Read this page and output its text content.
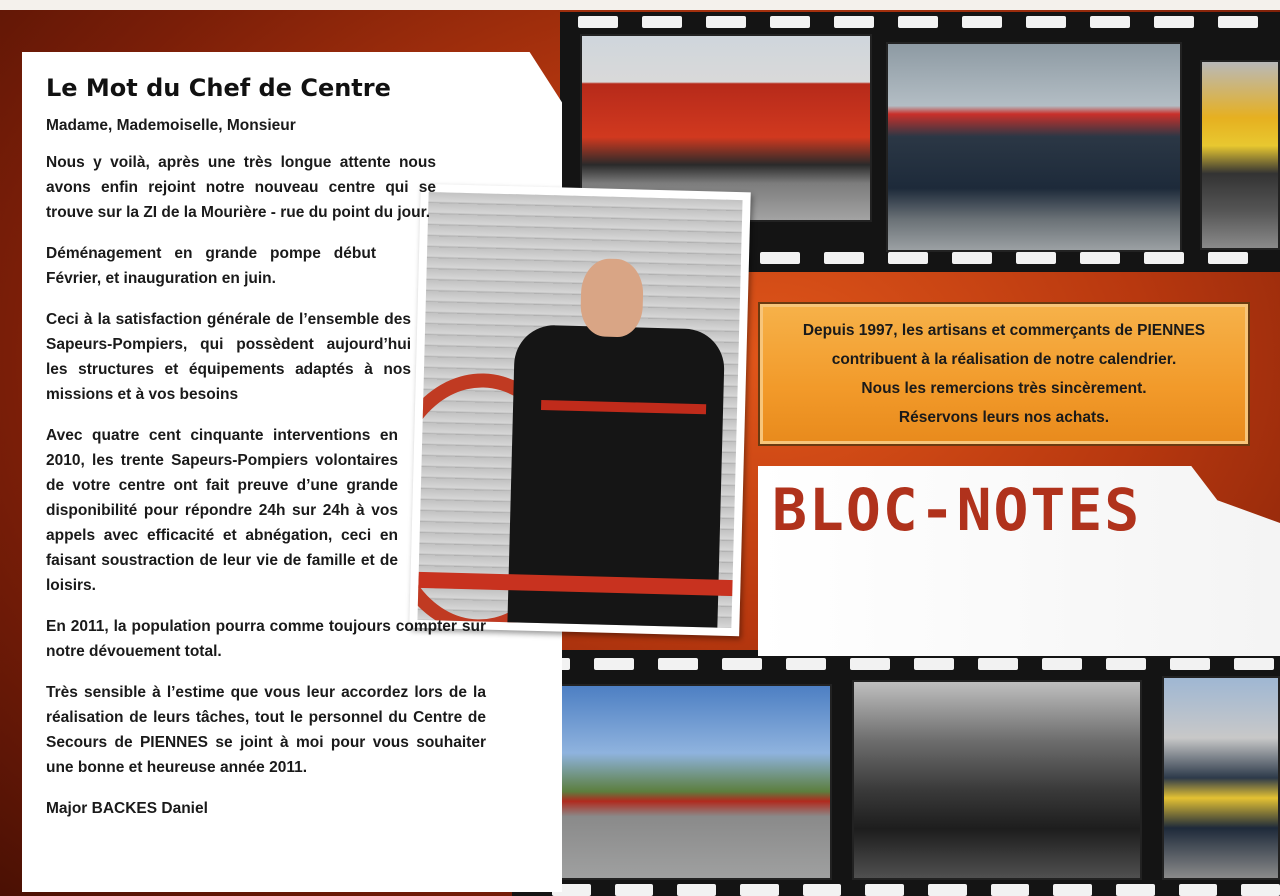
Le Mot du Chef de Centre

Madame, Mademoiselle, Monsieur

Nous y voilà, après une très longue attente nous avons enfin rejoint notre nouveau centre qui se trouve sur la ZI de la Mourière - rue du point du jour.

Déménagement en grande pompe début Février, et inauguration en juin.

Ceci à la satisfaction générale de l’ensemble des Sapeurs-Pompiers, qui possèdent aujourd’hui les structures et équipements adaptés à nos missions et à vos besoins

Avec quatre cent cinquante interventions en 2010, les trente Sapeurs-Pompiers volontaires de votre centre ont fait preuve d’une grande disponibilité pour répondre 24h sur 24h à vos appels avec efficacité et abnégation, ceci en faisant soustraction de leur vie de famille et de loisirs.

En 2011, la population pourra comme toujours compter sur notre dévouement total.

Très sensible à l’estime que vous leur accordez lors de la réalisation de leurs tâches, tout le personnel du Centre de Secours de PIENNES se joint à moi pour vous souhaiter une bonne et heureuse année 2011.

Major BACKES Daniel

Depuis 1997, les artisans et commerçants de PIENNES
contribuent à la réalisation de notre calendrier.
Nous les remercions très sincèrement.
Réservons leurs nos achats.
BLOC-NOTES
